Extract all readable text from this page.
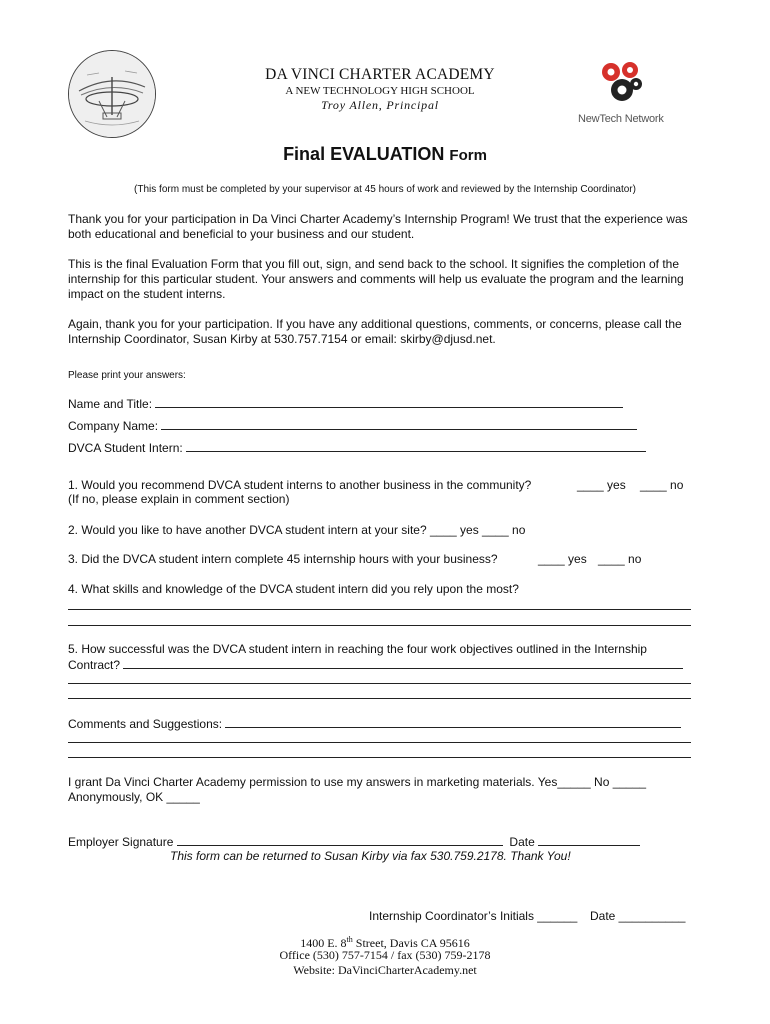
DA VINCI CHARTER ACADEMY
A NEW TECHNOLOGY HIGH SCHOOL
Troy Allen, Principal
NewTech Network
Final EVALUATION Form
(This form must be completed by your supervisor at 45 hours of work and reviewed by the Internship Coordinator)
Thank you for your participation in Da Vinci Charter Academy’s Internship Program! We trust that the experience was both educational and beneficial to your business and our student.
This is the final Evaluation Form that you fill out, sign, and send back to the school. It signifies the completion of the internship for this particular student. Your answers and comments will help us evaluate the program and the learning impact on the student interns.
Again, thank you for your participation. If you have any additional questions, comments, or concerns, please call the Internship Coordinator, Susan Kirby at 530.757.7154 or email: skirby@djusd.net.
Please print your answers:
Name and Title:
Company Name:
DVCA Student Intern:
1. Would you recommend DVCA student interns to another business in the community?	____ yes ____ no
(If no, please explain in comment section)
2. Would you like to have another DVCA student intern at your site? ____ yes ____ no
3. Did the DVCA student intern complete 45 internship hours with your business?	____ yes ____ no
4. What skills and knowledge of the DVCA student intern did you rely upon the most?
5. How successful was the DVCA student intern in reaching the four work objectives outlined in the Internship
Contract?
Comments and Suggestions:
I grant Da Vinci Charter Academy permission to use my answers in marketing materials. Yes_____ No _____
Anonymously, OK _____
Employer Signature	Date
This form can be returned to Susan Kirby via fax 530.759.2178. Thank You!
Internship Coordinator’s Initials ______ Date __________
1400 E. 8th Street, Davis CA 95616
Office (530) 757-7154 / fax (530) 759-2178
Website: DaVinciCharterAcademy.net
